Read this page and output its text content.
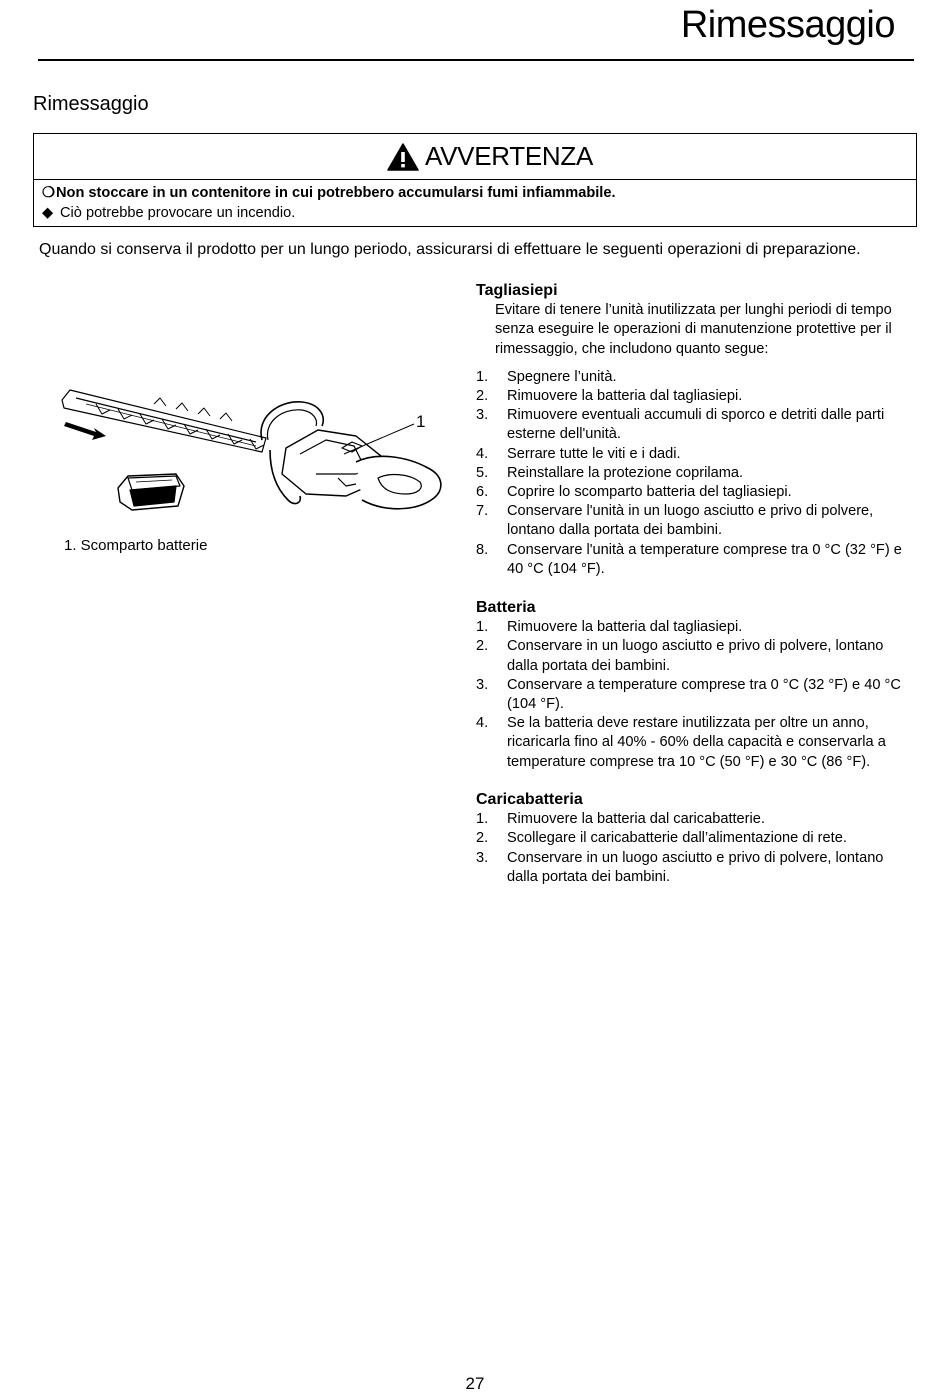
Rimessaggio
Rimessaggio
AVVERTENZA
❍Non stoccare in un contenitore in cui potrebbero accumularsi fumi infiammabile.
◆ Ciò potrebbe provocare un incendio.
Quando si conserva il prodotto per un lungo periodo, assicurarsi di effettuare le seguenti operazioni di preparazione.
1
1. Scomparto batterie
Tagliasiepi
Evitare di tenere l’unità inutilizzata per lunghi periodi di tempo senza eseguire le operazioni di manutenzione protettive per il rimessaggio, che includono quanto segue:
1.	Spegnere l’unità.
2.	Rimuovere la batteria dal tagliasiepi.
3.	Rimuovere eventuali accumuli di sporco e detriti dalle parti esterne dell'unità.
4.	Serrare tutte le viti e i dadi.
5.	Reinstallare la protezione coprilama.
6.	Coprire lo scomparto batteria del tagliasiepi.
7.	Conservare l'unità in un luogo asciutto e privo di polvere, lontano dalla portata dei bambini.
8.	Conservare l'unità a temperature comprese tra 0 °C (32 °F) e 40 °C (104 °F).
Batteria
1.	Rimuovere la batteria dal tagliasiepi.
2.	Conservare in un luogo asciutto e privo di polvere, lontano dalla portata dei bambini.
3.	Conservare a temperature comprese tra 0 °C (32 °F) e 40 °C (104 °F).
4.	Se la batteria deve restare inutilizzata per oltre un anno, ricaricarla fino al 40% - 60% della capacità e conservarla a temperature comprese tra 10 °C (50 °F) e 30 °C (86 °F).
Caricabatteria
1.	Rimuovere la batteria dal caricabatterie.
2.	Scollegare il caricabatterie dall’alimentazione di rete.
3.	Conservare in un luogo asciutto e privo di polvere, lontano dalla portata dei bambini.
27
